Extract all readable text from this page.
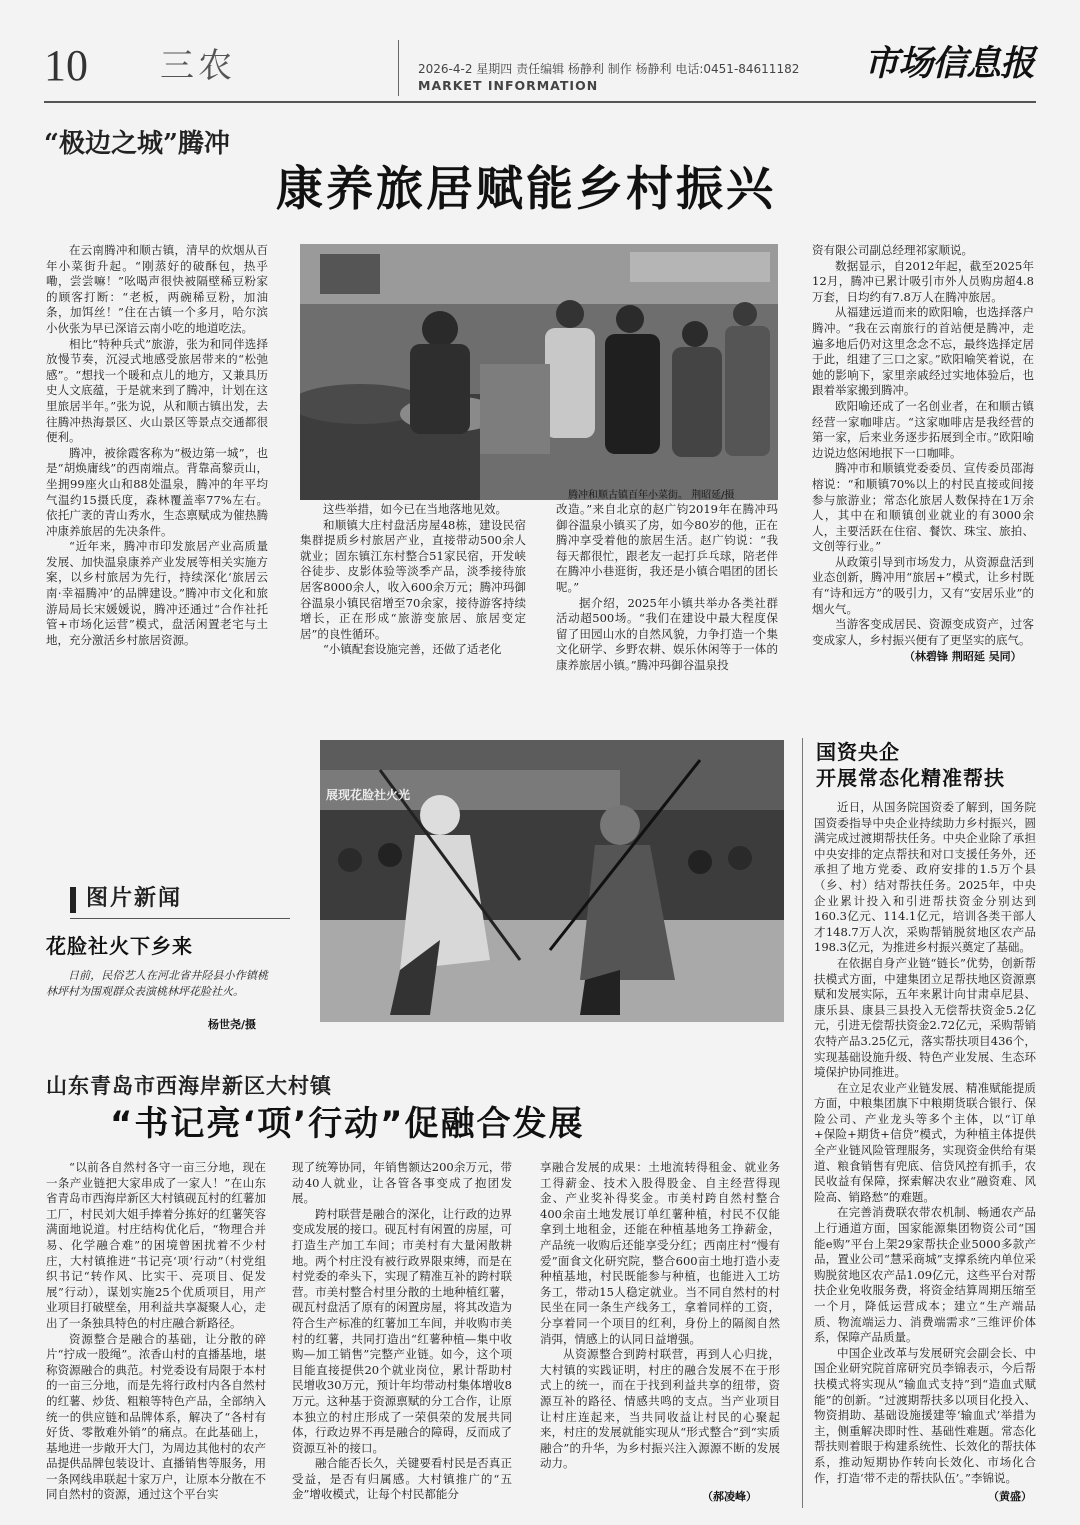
10 三农	2026-4-2 星期四 责任编辑 杨静利 制作 杨静利 电话:0451-84611182
MARKET INFORMATION
市场信息报
“极边之城”腾冲
康养旅居赋能乡村振兴

在云南腾冲和顺古镇，清早的炊烟从百年小菜街升起。“刚蒸好的破酥包，热乎嘞，尝尝嘛！”吆喝声很快被隔壁稀豆粉家的顾客打断：“老板，两碗稀豆粉，加油条，加饵丝！”住在古镇一个多月，哈尔滨小伙张为早已深谙云南小吃的地道吃法。

相比“特种兵式”旅游，张为和同伴选择放慢节奏，沉浸式地感受旅居带来的“松弛感”。“想找一个暖和点儿的地方，又兼具历史人文底蕴，于是就来到了腾冲，计划在这里旅居半年。”张为说，从和顺古镇出发，去往腾冲热海景区、火山景区等景点交通都很便利。

腾冲，被徐霞客称为“极边第一城”，也是“胡焕庸线”的西南端点。背靠高黎贡山，坐拥99座火山和88处温泉，腾冲的年平均气温约15摄氏度，森林覆盖率77%左右。依托广袤的青山秀水，生态禀赋成为催热腾冲康养旅居的先决条件。

“近年来，腾冲市印发旅居产业高质量发展、加快温泉康养产业发展等相关实施方案，以乡村旅居为先行，持续深化‘旅居云南·幸福腾冲’的品牌建设。”腾冲市文化和旅游局局长宋媛媛说，腾冲还通过“合作社托管+市场化运营”模式，盘活闲置老宅与土地，充分激活乡村旅居资源。

腾冲和顺古镇百年小菜街。 荆昭延/摄

这些举措，如今已在当地落地见效。

和顺镇大庄村盘活房屋48栋，建设民宿集群提质乡村旅居产业，直接带动500余人就业；固东镇江东村整合51家民宿，开发峡谷徒步、皮影体验等淡季产品，淡季接待旅居客8000余人，收入600余万元；腾冲玛御谷温泉小镇民宿增至70余家，接待游客持续增长，正在形成“旅游变旅居、旅居变定居”的良性循环。

“小镇配套设施完善，还做了适老化

改造。”来自北京的赵广钧2019年在腾冲玛御谷温泉小镇买了房，如今80岁的他，正在腾冲享受着他的旅居生活。赵广钧说：“我每天都很忙，跟老友一起打乒乓球，陪老伴在腾冲小巷逛街，我还是小镇合唱团的团长呢。”

据介绍，2025年小镇共举办各类社群活动超500场。“我们在建设中最大程度保留了田园山水的自然风貌，力争打造一个集文化研学、乡野农耕、娱乐休闲等于一体的康养旅居小镇。”腾冲玛御谷温泉投

资有限公司副总经理祁家顺说。

数据显示，自2012年起，截至2025年12月，腾冲已累计吸引市外人员购房超4.8万套，日均约有7.8万人在腾冲旅居。

从福建远道而来的欧阳喻，也选择落户腾冲。“我在云南旅行的首站便是腾冲，走遍多地后仍对这里念念不忘，最终选择定居于此，组建了三口之家。”欧阳喻笑着说，在她的影响下，家里亲戚经过实地体验后，也跟着举家搬到腾冲。

欧阳喻还成了一名创业者，在和顺古镇经营一家咖啡店。“这家咖啡店是我经营的第一家，后来业务逐步拓展到全市。”欧阳喻边说边悠闲地抿下一口咖啡。

腾冲市和顺镇党委委员、宣传委员邵海榕说：“和顺镇70%以上的村民直接或间接参与旅游业；常态化旅居人数保持在1万余人，其中在和顺镇创业就业的有3000余人，主要活跃在住宿、餐饮、珠宝、旅拍、文创等行业。”

从政策引导到市场发力，从资源盘活到业态创新，腾冲用“旅居+”模式，让乡村既有“诗和远方”的吸引力，又有“安居乐业”的烟火气。

当游客变成居民、资源变成资产，过客变成家人，乡村振兴便有了更坚实的底气。

（林碧锋 荆昭延 吴同）
展现花脸社火光
图片新闻
花脸社火下乡来

日前，民俗艺人在河北省井陉县小作镇桃林坪村为围观群众表演桃林坪花脸社火。

杨世尧/摄
国资央企
开展常态化精准帮扶

近日，从国务院国资委了解到，国务院国资委指导中央企业持续助力乡村振兴，圆满完成过渡期帮扶任务。中央企业除了承担中央安排的定点帮扶和对口支援任务外，还承担了地方党委、政府安排的1.5万个县（乡、村）结对帮扶任务。2025年，中央企业累计投入和引进帮扶资金分别达到160.3亿元、114.1亿元，培训各类干部人才148.7万人次，采购帮销脱贫地区农产品198.3亿元，为推进乡村振兴奠定了基础。

在依据自身产业链“链长”优势，创新帮扶模式方面，中建集团立足帮扶地区资源禀赋和发展实际，五年来累计向甘肃卓尼县、康乐县、康县三县投入无偿帮扶资金5.2亿元，引进无偿帮扶资金2.72亿元，采购帮销农特产品3.25亿元，落实帮扶项目436个，实现基础设施升级、特色产业发展、生态环境保护协同推进。

在立足农业产业链发展、精准赋能提质方面，中粮集团旗下中粮期货联合银行、保险公司、产业龙头等多个主体，以“订单+保险+期货+信贷”模式，为种植主体提供全产业链风险管理服务，实现资金供给有渠道、粮食销售有兜底、信贷风控有抓手，农民收益有保障，探索解决农业“融资难、风险高、销路愁”的难题。

在完善消费联农带农机制、畅通农产品上行通道方面，国家能源集团物资公司“国能e购”平台上架29家帮扶企业5000多款产品，置业公司“慧采商城”支撑系统内单位采购脱贫地区农产品1.09亿元，这些平台对帮扶企业免收服务费，将资金结算周期压缩至一个月，降低运营成本；建立“生产端品质、物流端运力、消费端需求”三维评价体系，保障产品质量。

中国企业改革与发展研究会副会长、中国企业研究院首席研究员李锦表示，今后帮扶模式将实现从“输血式支持”到“造血式赋能”的创新。“过渡期帮扶多以项目化投入、物资捐助、基础设施援建等‘输血式’举措为主，侧重解决即时性、基础性难题。常态化帮扶则着眼于构建系统性、长效化的帮扶体系，推动短期协作转向长效化、市场化合作，打造‘带不走的帮扶队伍’。”李锦说。

（黄盛）
山东青岛市西海岸新区大村镇
“书记亮‘项’行动”促融合发展

“以前各自然村各守一亩三分地，现在一条产业链把大家串成了一家人！”在山东省青岛市西海岸新区大村镇砚瓦村的红薯加工厂，村民刘大姐手捧着分拣好的红薯笑容满面地说道。村庄结构优化后，“物理合并易、化学融合难”的困境曾困扰着不少村庄，大村镇推进“书记亮‘项’行动”（村党组织书记“转作风、比实干、亮项目、促发展”行动），谋划实施25个优质项目，用产业项目打破壁垒，用利益共享凝聚人心，走出了一条独具特色的村庄融合新路径。

资源整合是融合的基础，让分散的碎片“拧成一股绳”。浓香山村的直播基地，堪称资源融合的典范。村党委设有局限于本村的一亩三分地，而是先将行政村内各自然村的红薯、炒货、粗粮等特色产品，全部纳入统一的供应链和品牌体系，解决了“各村有好货、零散难外销”的痛点。在此基础上，基地进一步敞开大门，为周边其他村的农产品提供品牌包装设计、直播销售等服务，用一条网线串联起十家万户，让原本分散在不同自然村的资源，通过这个平台实

现了统筹协同，年销售额达200余万元，带动40人就业，让各管各事变成了抱团发展。

跨村联营是融合的深化，让行政的边界变成发展的接口。砚瓦村有闲置的房屋，可打造生产加工车间；市美村有大量闲散耕地。两个村庄没有被行政界限束缚，而是在村党委的牵头下，实现了精准互补的跨村联营。市美村整合村里分散的土地种植红薯，砚瓦村盘活了原有的闲置房屋，将其改造为符合生产标准的红薯加工车间，并收购市美村的红薯，共同打造出“红薯种植—集中收购—加工销售”完整产业链。如今，这个项目能直接提供20个就业岗位，累计帮助村民增收30万元，预计年均带动村集体增收8万元。这种基于资源禀赋的分工合作，让原本独立的村庄形成了一荣俱荣的发展共同体，行政边界不再是融合的障碍，反而成了资源互补的接口。

融合能否长久，关键要看村民是否真正受益，是否有归属感。大村镇推广的“五金”增收模式，让每个村民都能分

享融合发展的成果：土地流转得租金、就业务工得薪金、技术入股得股金、自主经营得现金、产业奖补得奖金。市美村跨自然村整合400余亩土地发展订单红薯种植，村民不仅能拿到土地租金，还能在种植基地务工挣薪金，产品统一收购后还能享受分红；西南庄村“慢有爱”面食文化研究院，整合600亩土地打造小麦种植基地，村民既能参与种植，也能进入工坊务工，带动15人稳定就业。当不同自然村的村民坐在同一条生产线务工，拿着同样的工资，分享着同一个项目的红利，身份上的隔阂自然消弭，情感上的认同日益增强。

从资源整合到跨村联营，再到人心归拢，大村镇的实践证明，村庄的融合发展不在于形式上的统一，而在于找到利益共享的纽带，资源互补的路径、情感共鸣的支点。当产业项目让村庄连起来，当共同收益让村民的心聚起来，村庄的发展就能实现从“形式整合”到“实质融合”的升华，为乡村振兴注入源源不断的发展动力。

（郝凌峰）
